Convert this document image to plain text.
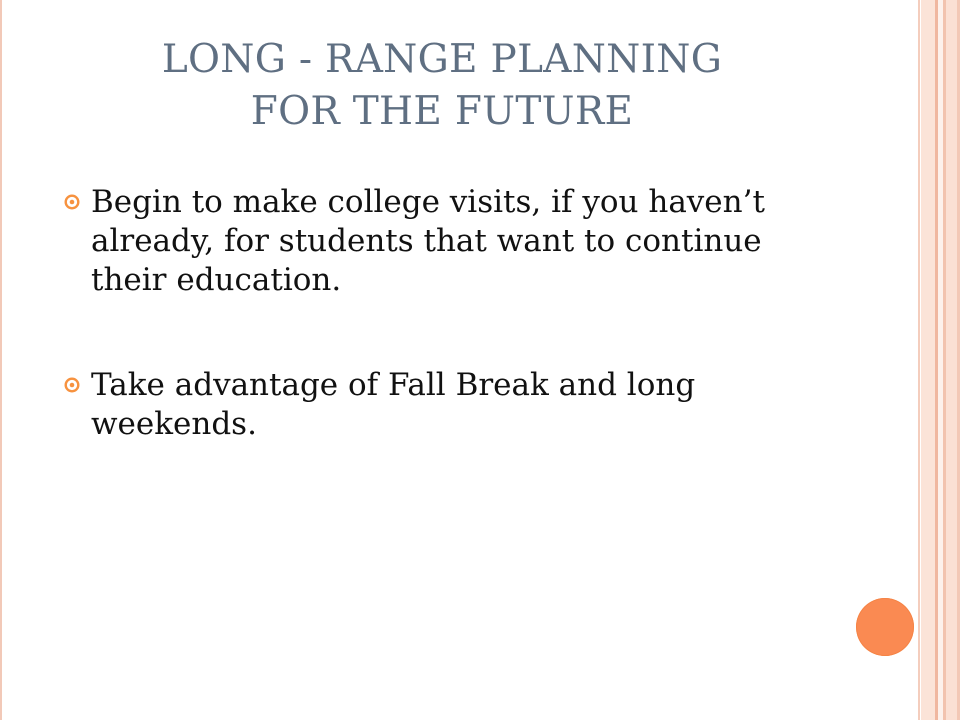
LONG - RANGE PLANNING
FOR THE FUTURE
Begin to make college visits, if you haven’t already, for students that want to continue their education.
Take advantage of Fall Break and long weekends.
